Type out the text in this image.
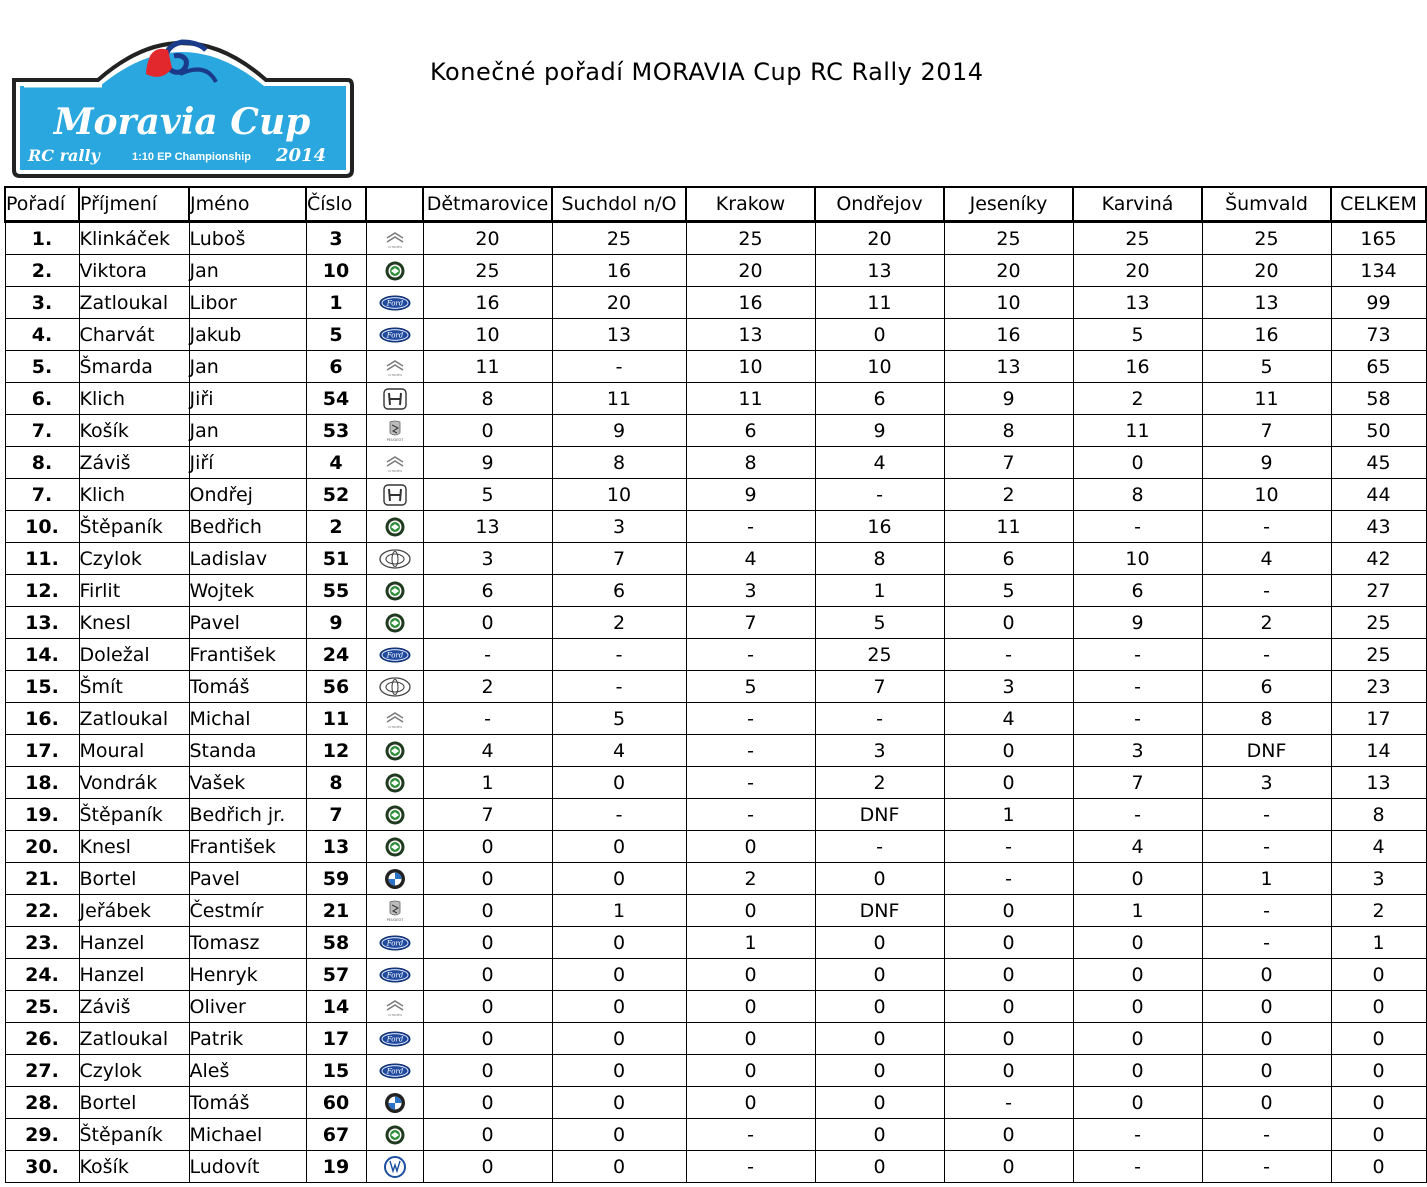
Moravia Cup
RC rally	1:10 EP Championship 2014
Konečné pořadí MORAVIA Cup RC Rally 2014
Pořadí	Příjmení	Jméno	Číslo		Dětmarovice	Suchdol n/O	Krakow	Ondřejov	Jeseníky	Karviná	Šumvald	CELKEM
1.	Klinkáček	Luboš	3	CITROËN	20	25	25	20	25	25	25	165
2.	Viktora	Jan	10		25	16	20	13	20	20	20	134
3.	Zatloukal	Libor	1	Ford	16	20	16	11	10	13	13	99
4.	Charvát	Jakub	5	Ford	10	13	13	0	16	5	16	73
5.	Šmarda	Jan	6	CITROËN	11	-	10	10	13	16	5	65
6.	Klich	Jiři	54		8	11	11	6	9	2	11	58
7.	Košík	Jan	53	PEUGEOT	0	9	6	9	8	11	7	50
8.	Záviš	Jiří	4	CITROËN	9	8	8	4	7	0	9	45
7.	Klich	Ondřej	52		5	10	9	-	2	8	10	44
10.	Štěpaník	Bedřich	2		13	3	-	16	11	-	-	43
11.	Czylok	Ladislav	51		3	7	4	8	6	10	4	42
12.	Firlit	Wojtek	55		6	6	3	1	5	6	-	27
13.	Knesl	Pavel	9		0	2	7	5	0	9	2	25
14.	Doležal	František	24	Ford	-	-	-	25	-	-	-	25
15.	Šmít	Tomáš	56		2	-	5	7	3	-	6	23
16.	Zatloukal	Michal	11	CITROËN	-	5	-	-	4	-	8	17
17.	Moural	Standa	12		4	4	-	3	0	3	DNF	14
18.	Vondrák	Vašek	8		1	0	-	2	0	7	3	13
19.	Štěpaník	Bedřich jr.	7		7	-	-	DNF	1	-	-	8
20.	Knesl	František	13		0	0	0	-	-	4	-	4
21.	Bortel	Pavel	59		0	0	2	0	-	0	1	3
22.	Jeřábek	Čestmír	21	PEUGEOT	0	1	0	DNF	0	1	-	2
23.	Hanzel	Tomasz	58	Ford	0	0	1	0	0	0	-	1
24.	Hanzel	Henryk	57	Ford	0	0	0	0	0	0	0	0
25.	Záviš	Oliver	14	CITROËN	0	0	0	0	0	0	0	0
26.	Zatloukal	Patrik	17	Ford	0	0	0	0	0	0	0	0
27.	Czylok	Aleš	15	Ford	0	0	0	0	0	0	0	0
28.	Bortel	Tomáš	60		0	0	0	0	-	0	0	0
29.	Štěpaník	Michael	67		0	0	-	0	0	-	-	0
30.	Košík	Ludovít	19		0	0	-	0	0	-	-	0
